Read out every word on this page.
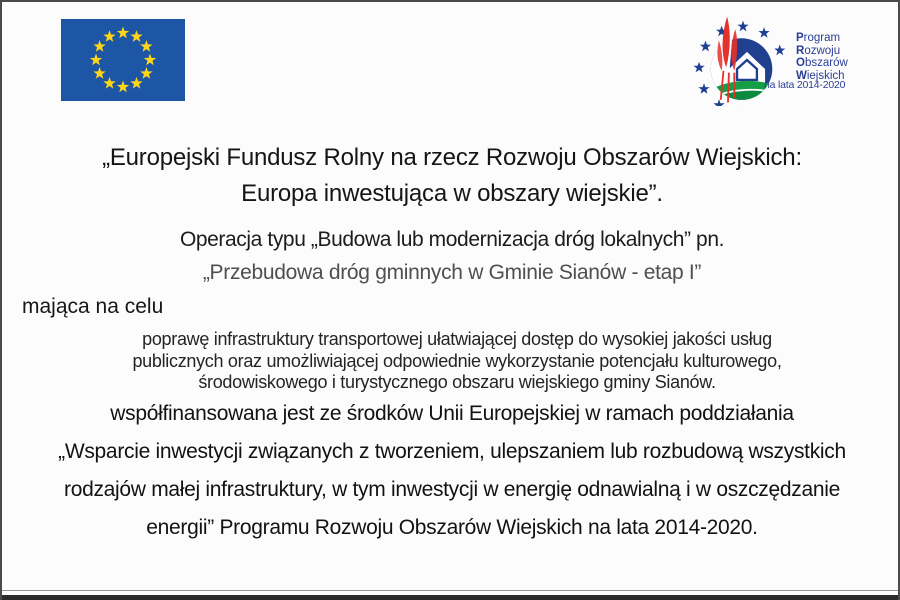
Program
Rozwoju
Obszarów
Wiejskich
na lata 2014-2020
„Europejski Fundusz Rolny na rzecz Rozwoju Obszarów Wiejskich:
Europa inwestująca w obszary wiejskie”.
Operacja typu „Budowa lub modernizacja dróg lokalnych” pn.
„Przebudowa dróg gminnych w Gminie Sianów - etap I”
mająca na celu
poprawę infrastruktury transportowej ułatwiającej dostęp do wysokiej jakości usług
publicznych oraz umożliwiającej odpowiednie wykorzystanie potencjału kulturowego,
środowiskowego i turystycznego obszaru wiejskiego gminy Sianów.
współfinansowana jest ze środków Unii Europejskiej w ramach poddziałania
„Wsparcie inwestycji związanych z tworzeniem, ulepszaniem lub rozbudową wszystkich
rodzajów małej infrastruktury, w tym inwestycji w energię odnawialną i w oszczędzanie
energii” Programu Rozwoju Obszarów Wiejskich na lata 2014-2020.
